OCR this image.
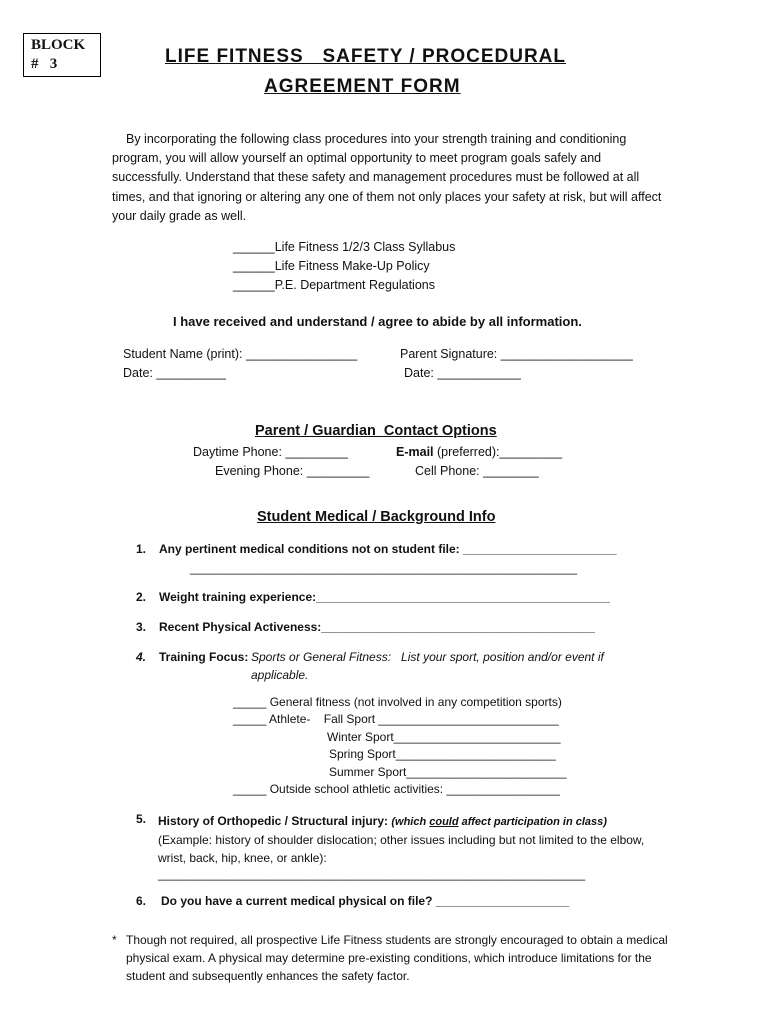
BLOCK
#   3	LIFE FITNESS   SAFETY / PROCEDURAL
AGREEMENT FORM
By incorporating the following class procedures into your strength training and conditioning program, you will allow yourself an optimal opportunity to meet program goals safely and successfully. Understand that these safety and management procedures must be followed at all times, and that ignoring or altering any one of them not only places your safety at risk, but will affect your daily grade as well.
______Life Fitness 1/2/3 Class Syllabus
______Life Fitness Make-Up Policy
______P.E. Department Regulations
I have received and understand / agree to abide by all information.
Student Name (print): ________________	Parent Signature: ___________________
Date: __________	Date: ____________
Parent / Guardian  Contact Options
Daytime Phone: _________	E-mail (preferred):_________
Evening Phone: _________	Cell Phone: ________
Student Medical / Background Info
1. Any pertinent medical conditions not on student file: _______________________
__________________________________________________________
2. Weight training experience:____________________________________________
3. Recent Physical Activeness:_________________________________________
4. Training Focus: Sports or General Fitness:   List your sport, position and/or event if
applicable.
_____ General fitness (not involved in any competition sports)
_____ Athlete-    Fall Sport ___________________________
Winter Sport_________________________
Spring Sport________________________
Summer Sport________________________
_____ Outside school athletic activities: _________________
5. History of Orthopedic / Structural injury: (which could affect participation in class)
(Example: history of shoulder dislocation; other issues including but not limited to the elbow, wrist, back, hip, knee, or ankle):
________________________________________________________________
6. Do you have a current medical physical on file? ____________________
* Though not required, all prospective Life Fitness students are strongly encouraged to obtain a medical physical exam. A physical may determine pre-existing conditions, which introduce limitations for the student and subsequently enhances the safety factor.
